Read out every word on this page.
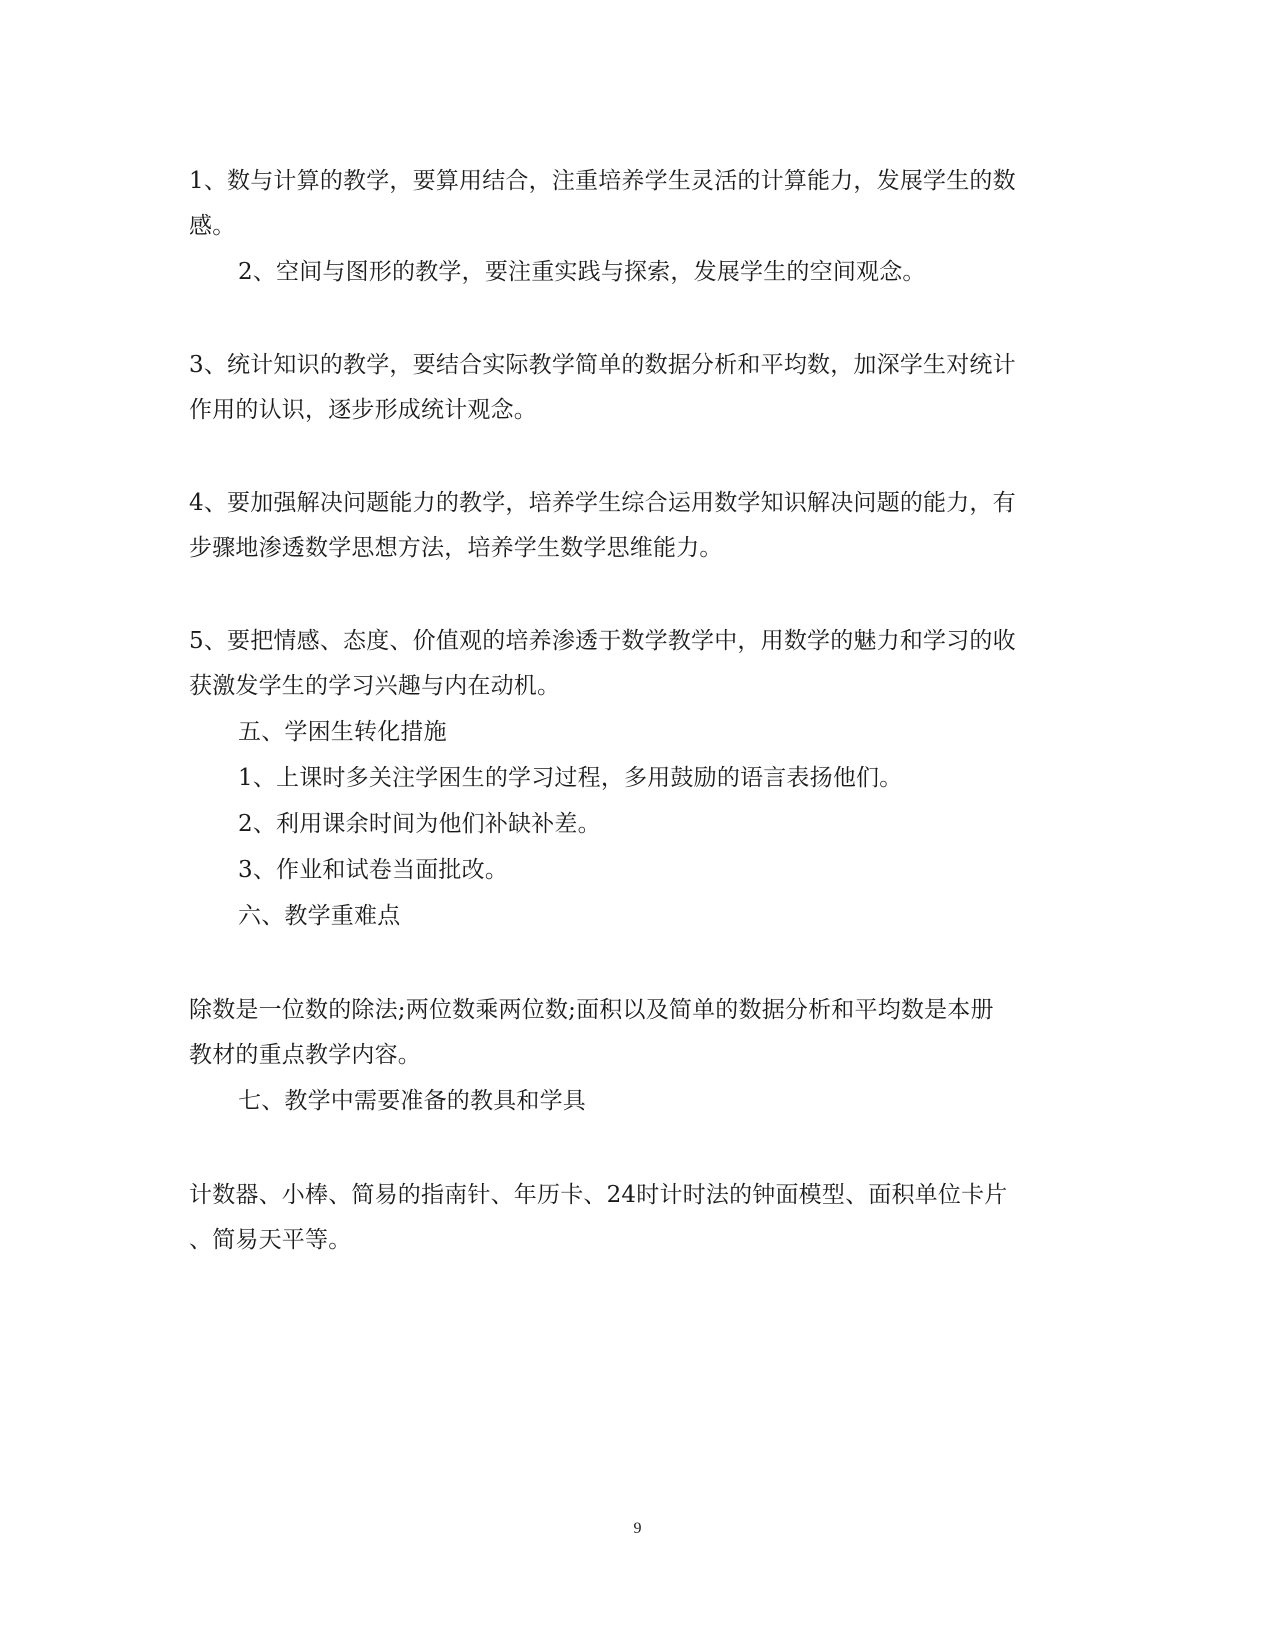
1、数与计算的教学，要算用结合，注重培养学生灵活的计算能力，发展学生的数
感。
2、空间与图形的教学，要注重实践与探索，发展学生的空间观念。
3、统计知识的教学，要结合实际教学简单的数据分析和平均数，加深学生对统计
作用的认识，逐步形成统计观念。
4、要加强解决问题能力的教学，培养学生综合运用数学知识解决问题的能力，有
步骤地渗透数学思想方法，培养学生数学思维能力。
5、要把情感、态度、价值观的培养渗透于数学教学中，用数学的魅力和学习的收
获激发学生的学习兴趣与内在动机。
五、学困生转化措施
1、上课时多关注学困生的学习过程，多用鼓励的语言表扬他们。
2、利用课余时间为他们补缺补差。
3、作业和试卷当面批改。
六、教学重难点
除数是一位数的除法;两位数乘两位数;面积以及简单的数据分析和平均数是本册
教材的重点教学内容。
七、教学中需要准备的教具和学具
计数器、小棒、简易的指南针、年历卡、24时计时法的钟面模型、面积单位卡片
、简易天平等。
9
